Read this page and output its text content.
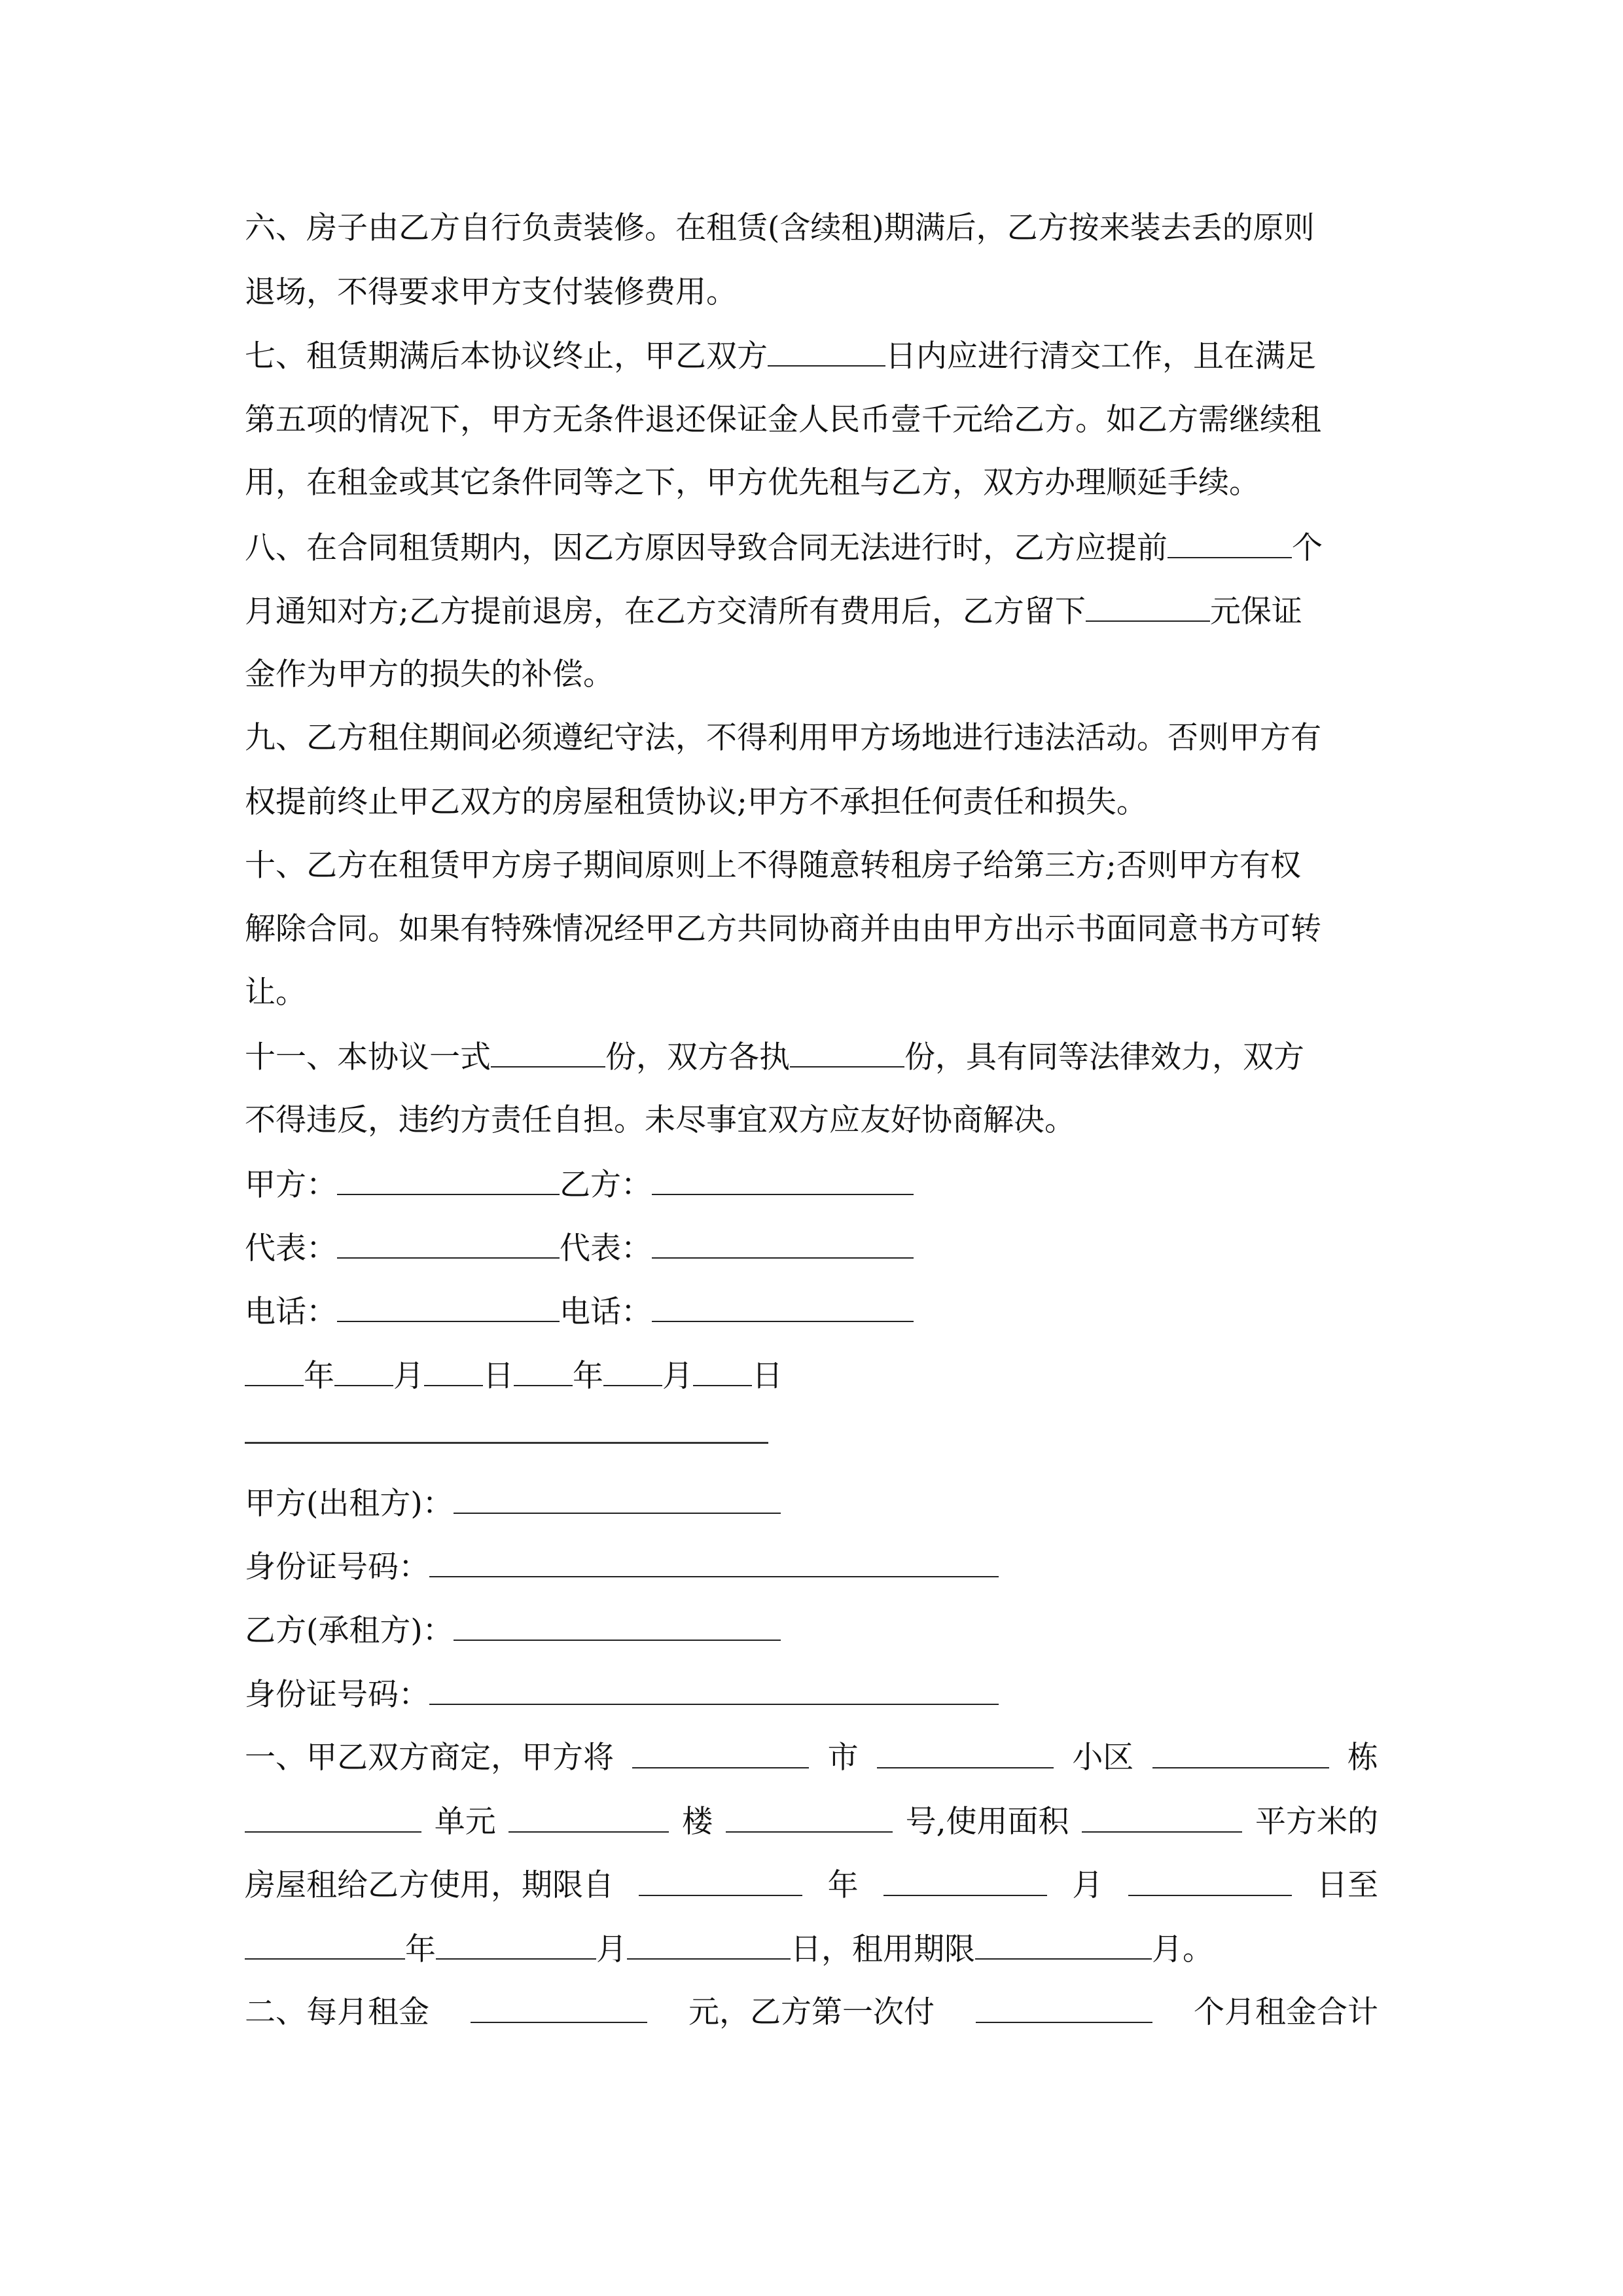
六、房子由乙方自行负责装修。在租赁(含续租)期满后，乙方按来装去丢的原则
退场，不得要求甲方支付装修费用。
七、租赁期满后本协议终止，甲乙双方	日内应进行清交工作，且在满足
第五项的情况下，甲方无条件退还保证金人民币壹千元给乙方。如乙方需继续租
用，在租金或其它条件同等之下，甲方优先租与乙方，双方办理顺延手续。
八、在合同租赁期内，因乙方原因导致合同无法进行时，乙方应提前	个
月通知对方;乙方提前退房，在乙方交清所有费用后，乙方留下	元保证
金作为甲方的损失的补偿。
九、乙方租住期间必须遵纪守法，不得利用甲方场地进行违法活动。否则甲方有
权提前终止甲乙双方的房屋租赁协议;甲方不承担任何责任和损失。
十、乙方在租赁甲方房子期间原则上不得随意转租房子给第三方;否则甲方有权
解除合同。如果有特殊情况经甲乙方共同协商并由由甲方出示书面同意书方可转
让。
十一、本协议一式	份，双方各执	份，具有同等法律效力，双方
不得违反，违约方责任自担。未尽事宜双方应友好协商解决。
甲方：	乙方：
代表：	代表：
电话：	电话：
年 月 日 年 月 日
甲方(出租方)：
身份证号码：
乙方(承租方)：
身份证号码：
一、甲乙双方商定，甲方将	市	小区	栋
单元	楼	号,使用面积	平方米的
房屋租给乙方使用，期限自	年	月	日至
年	月	日，租用期限	月。
二、每月租金	元，乙方第一次付	个月租金合计
